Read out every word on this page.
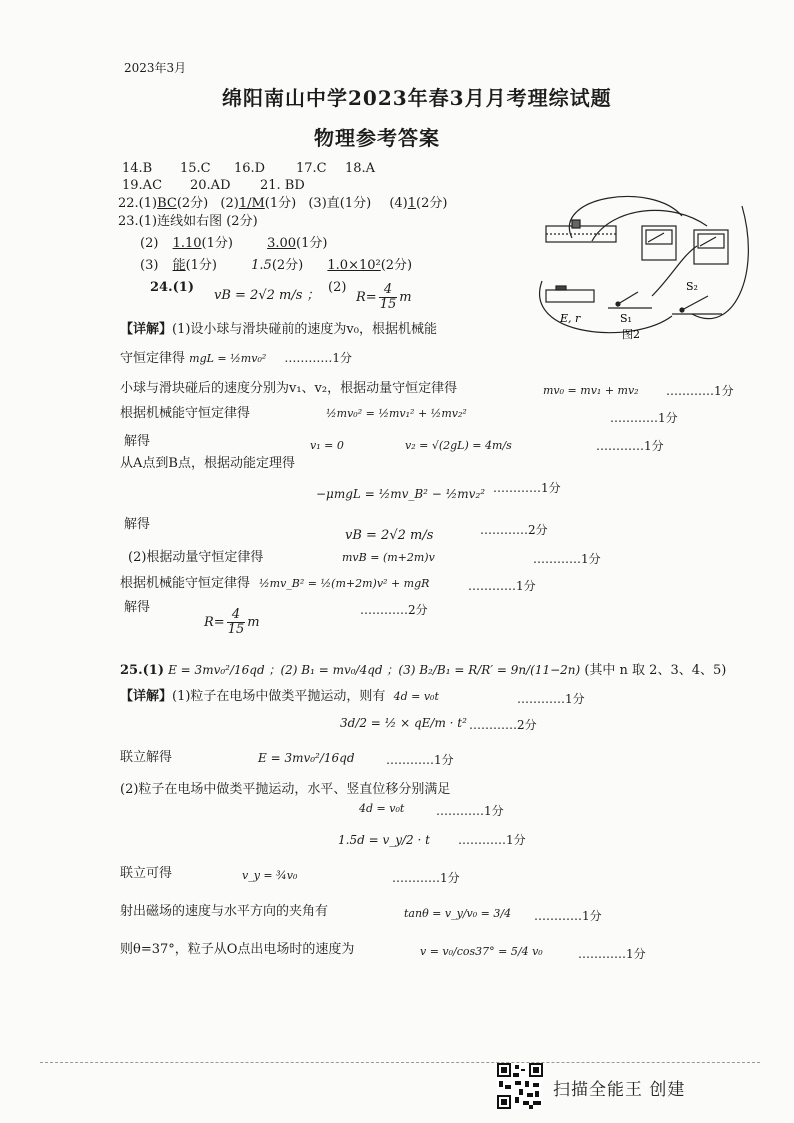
2023年3月
绵阳南山中学2023年春3月月考理综试题
物理参考答案
14.B 15.C 16.D 17.C 18.A
19.AC 20.AD 21. BD
22.(1)BC(2分) (2)1/M(1分) (3)直(1分) (4)1(2分)
23.(1)连线如右图 (2分)
(2) 1.10(1分)	3.00(1分)
(3) 能(1分)	1.5(2分) 1.0×10²(2分)
24.(1)
vB = 2√2 m/s ；
(2)
$R= \frac{4}{15}$ m
E, r	S₁
S₂
图2
【详解】(1)设小球与滑块碰前的速度为v₀，根据机械能
守恒定律得 mgL = ½mv₀² …………1分
小球与滑块碰后的速度分别为v₁、v₂，根据动量守恒定律得	mv₀ = mv₁ + mv₂ …………1分
根据机械能守恒定律得	½mv₀² = ½mv₁² + ½mv₂²	…………1分
解得	v₁ = 0	v₂ = √(2gL) = 4m/s	…………1分
从A点到B点，根据动能定理得
−μmgL = ½mv_B² − ½mv₂² …………1分
解得
vB = 2√2 m/s	…………2分
(2)根据动量守恒定律得	mvB = (m+2m)v	…………1分
根据机械能守恒定律得 ½mv_B² = ½(m+2m)v² + mgR	…………1分
解得	…………2分
$R= \frac{4}{15}$ m
25.(1) E = 3mv₀²/16qd ；(2) B₁ = mv₀/4qd ；(3) B₂/B₁ = R/R′ = 9n/(11−2n) (其中 n 取 2、3、4、5)
【详解】(1)粒子在电场中做类平抛运动，则有 4d = v₀t	…………1分
3d/2 = ½ × qE/m · t² …………2分
联立解得	E = 3mv₀²/16qd	…………1分
(2)粒子在电场中做类平抛运动，水平、竖直位移分别满足
4d = v₀t	…………1分
1.5d = v_y/2 · t …………1分
联立可得	v_y = ¾v₀	…………1分
射出磁场的速度与水平方向的夹角有	tanθ = v_y/v₀ = 3/4 …………1分
则θ=37°，粒子从O点出电场时的速度为	v = v₀/cos37° = 5/4 v₀	…………1分
扫描全能王 创建
